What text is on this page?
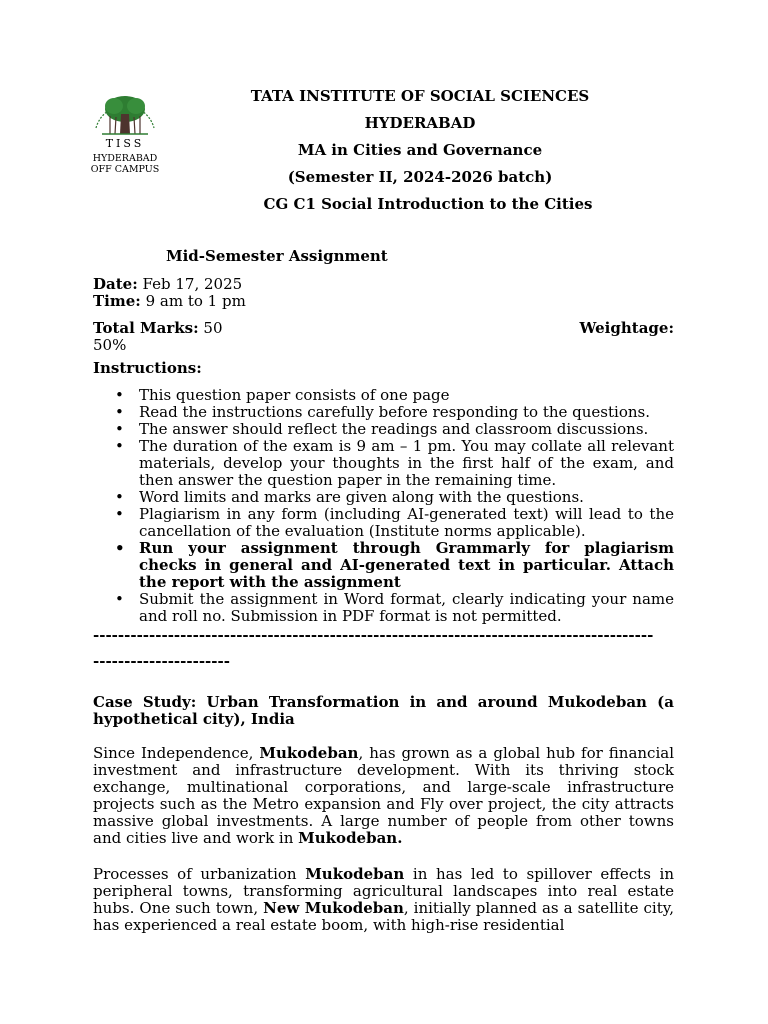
TISS
HYDERABAD
OFF CAMPUS
TATA INSTITUTE OF SOCIAL SCIENCES
HYDERABAD
MA in Cities and Governance
(Semester II, 2024-2026 batch)
CG C1 Social Introduction to the Cities
Mid-Semester Assignment
Date: Feb 17, 2025
Time: 9 am to 1 pm
Total Marks: 50	Weightage:
50%
Instructions:
• This question paper consists of one page
• Read the instructions carefully before responding to the questions.
• The answer should reflect the readings and classroom discussions.
• The duration of the exam is 9 am – 1 pm. You may collate all relevant materials, develop your thoughts in the first half of the exam, and then answer the question paper in the remaining time.
• Word limits and marks are given along with the questions.
• Plagiarism in any form (including AI-generated text) will lead to the cancellation of the evaluation (Institute norms applicable).
• Run your assignment through Grammarly for plagiarism checks in general and AI-generated text in particular. Attach the report with the assignment
• Submit the assignment in Word format, clearly indicating your name and roll no. Submission in PDF format is not permitted.
------------------------------------------------------------------------------------------
----------------------
Case Study: Urban Transformation in and around Mukodeban (a hypothetical city), India
Since Independence, Mukodeban, has grown as a global hub for financial investment and infrastructure development. With its thriving stock exchange, multinational corporations, and large-scale infrastructure projects such as the Metro expansion and Fly over project, the city attracts massive global investments. A large number of people from other towns and cities live and work in Mukodeban.
Processes of urbanization Mukodeban in has led to spillover effects in peripheral towns, transforming agricultural landscapes into real estate hubs. One such town, New Mukodeban, initially planned as a satellite city, has experienced a real estate boom, with high-rise residential
